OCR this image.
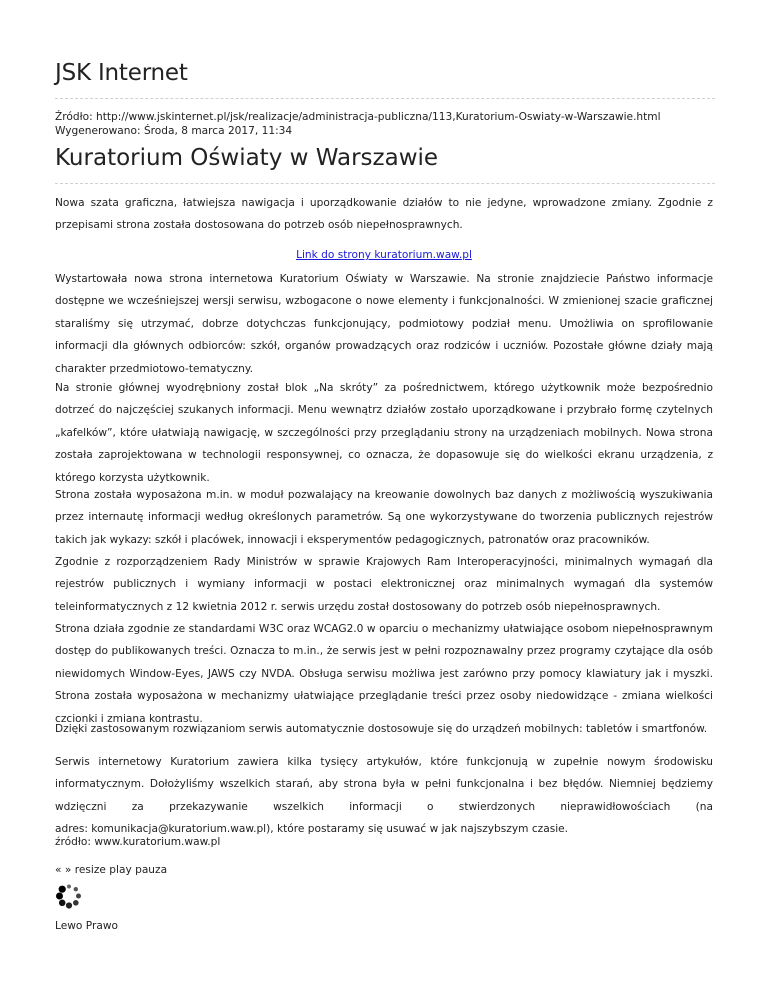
JSK Internet
Źródło: http://www.jskinternet.pl/jsk/realizacje/administracja-publiczna/113,Kuratorium-Oswiaty-w-Warszawie.html
Wygenerowano: Środa, 8 marca 2017, 11:34
Kuratorium Oświaty w Warszawie

Nowa szata graficzna, łatwiejsza nawigacja i uporządkowanie działów to nie jedyne, wprowadzone zmiany. Zgodnie z przepisami strona została dostosowana do potrzeb osób niepełnosprawnych.

Link do strony kuratorium.waw.pl

Wystartowała nowa strona internetowa Kuratorium Oświaty w Warszawie. Na stronie znajdziecie Państwo informacje dostępne we wcześniejszej wersji serwisu, wzbogacone o nowe elementy i funkcjonalności. W zmienionej szacie graficznej staraliśmy się utrzymać, dobrze dotychczas funkcjonujący, podmiotowy podział menu. Umożliwia on sprofilowanie informacji dla głównych odbiorców: szkół, organów prowadzących oraz rodziców i uczniów. Pozostałe główne działy mają charakter przedmiotowo-tematyczny.

Na stronie głównej wyodrębniony został blok „Na skróty” za pośrednictwem, którego użytkownik może bezpośrednio dotrzeć do najczęściej szukanych informacji. Menu wewnątrz działów zostało uporządkowane i przybrało formę czytelnych „kafelków”, które ułatwiają nawigację, w szczególności przy przeglądaniu strony na urządzeniach mobilnych. Nowa strona została zaprojektowana w technologii responsywnej, co oznacza, że dopasowuje się do wielkości ekranu urządzenia, z którego korzysta użytkownik.

Strona została wyposażona m.in. w moduł pozwalający na kreowanie dowolnych baz danych z możliwością wyszukiwania przez internautę informacji według określonych parametrów. Są one wykorzystywane do tworzenia publicznych rejestrów takich jak wykazy: szkół i placówek, innowacji i eksperymentów pedagogicznych, patronatów oraz pracowników.

Zgodnie z rozporządzeniem Rady Ministrów w sprawie Krajowych Ram Interoperacyjności, minimalnych wymagań dla rejestrów publicznych i wymiany informacji w postaci elektronicznej oraz minimalnych wymagań dla systemów teleinformatycznych z 12 kwietnia 2012 r. serwis urzędu został dostosowany do potrzeb osób niepełnosprawnych.

Strona działa zgodnie ze standardami W3C oraz WCAG2.0 w oparciu o mechanizmy ułatwiające osobom niepełnosprawnym dostęp do publikowanych treści. Oznacza to m.in., że serwis jest w pełni rozpoznawalny przez programy czytające dla osób niewidomych Window-Eyes, JAWS czy NVDA. Obsługa serwisu możliwa jest zarówno przy pomocy klawiatury jak i myszki. Strona została wyposażona w mechanizmy ułatwiające przeglądanie treści przez osoby niedowidzące - zmiana wielkości czcionki i zmiana kontrastu.

Dzięki zastosowanym rozwiązaniom serwis automatycznie dostosowuje się do urządzeń mobilnych: tabletów i smartfonów.

Serwis internetowy Kuratorium zawiera kilka tysięcy artykułów, które funkcjonują w zupełnie nowym środowisku

informatycznym. Dołożyliśmy wszelkich starań, aby strona była w pełni funkcjonalna i bez błędów. Niemniej będziemy

wdzięczni za przekazywanie wszelkich informacji o stwierdzonych nieprawidłowościach (na

adres: komunikacja@kuratorium.waw.pl), które postaramy się usuwać w jak najszybszym czasie.

źródło: www.kuratorium.waw.pl

« » resize play pauza
Lewo Prawo
